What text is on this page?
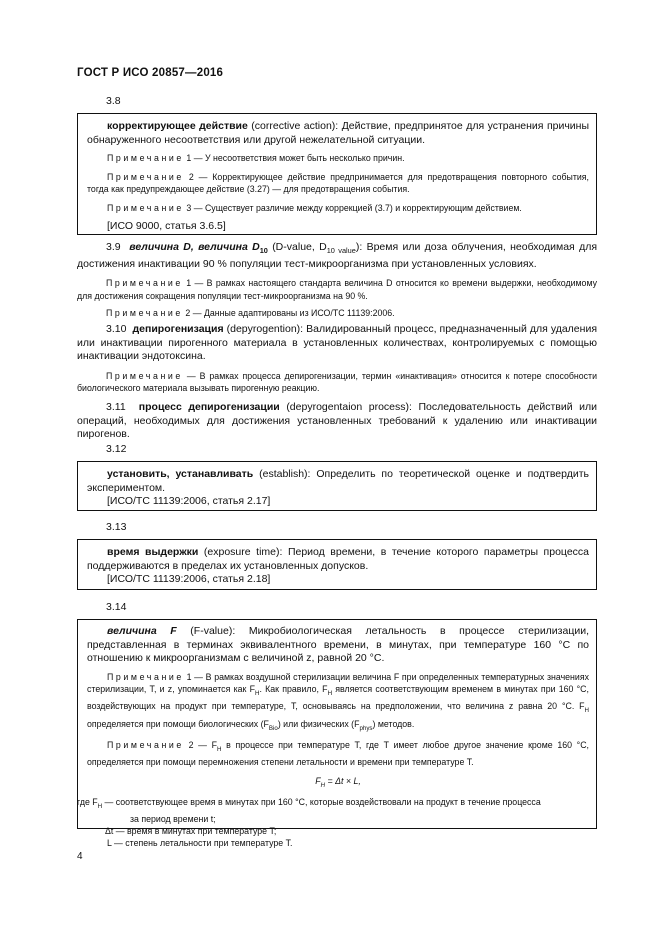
ГОСТ Р ИСО 20857—2016
3.8

корректирующее действие (corrective action): Действие, предпринятое для устранения причины обнаруженного несоответствия или другой нежелательной ситуации.

Примечание 1 — У несоответствия может быть несколько причин.

Примечание 2 — Корректирующее действие предпринимается для предотвращения повторного события, тогда как предупреждающее действие (3.27) — для предотвращения события.

Примечание 3 — Существует различие между коррекцией (3.7) и корректирующим действием.

[ИСО 9000, статья 3.6.5]

3.9 величина D, величина $D_{10}$ (D-value, $D_{10 value}$): Время или доза облучения, необходимая для достижения инактивации 90 % популяции тест-микроорганизма при установленных условиях.

Примечание 1 — В рамках настоящего стандарта величина D относится ко времени выдержки, необходимому для достижения сокращения популяции тест-микроорганизма на 90 %.

Примечание 2 — Данные адаптированы из ИСО/ТС 11139:2006.

3.10 депирогенизация (depyrogention): Валидированный процесс, предназначенный для удаления или инактивации пирогенного материала в установленных количествах, контролируемых с помощью инактивации эндотоксина.

Примечание — В рамках процесса депирогенизации, термин «инактивация» относится к потере способности биологического материала вызывать пирогенную реакцию.

3.11 процесс депирогенизации (depyrogentaion process): Последовательность действий или операций, необходимых для достижения установленных требований к удалению или инактивации пирогенов.

3.12

установить, устанавливать (establish): Определить по теоретической оценке и подтвердить экспериментом.

[ИСО/ТС 11139:2006, статья 2.17]

3.13

время выдержки (exposure time): Период времени, в течение которого параметры процесса поддерживаются в пределах их установленных допусков.

[ИСО/ТС 11139:2006, статья 2.18]

3.14

величина F (F-value): Микробиологическая летальность в процессе стерилизации, представленная в терминах эквивалентного времени, в минутах, при температуре 160 °C по отношению к микроорганизмам с величиной z, равной 20 °C.

Примечание 1 — В рамках воздушной стерилизации величина F при определенных температурных значениях стерилизации, T, и z, упоминается как $F_H$. Как правило, $F_H$ является соответствующим временем в минутах при 160 °C, воздействующих на продукт при температуре, T, основываясь на предположении, что величина z равна 20 °C. $F_H$ определяется при помощи биологических $(F_{Bio})$ или физических $(F_{phys})$ методов.

Примечание 2 — $F_H$ в процессе при температуре T, где T имеет любое другое значение кроме 160 °C, определяется при помощи перемножения степени летальности и времени при температуре T.

$F_H = \Delta t \times L$,

где $F_H$ — соответствующее время в минутах при 160 °C, которые воздействовали на продукт в течение процесса

за период времени t;

Δt — время в минутах при температуре T;

L — степень летальности при температуре T.

4
